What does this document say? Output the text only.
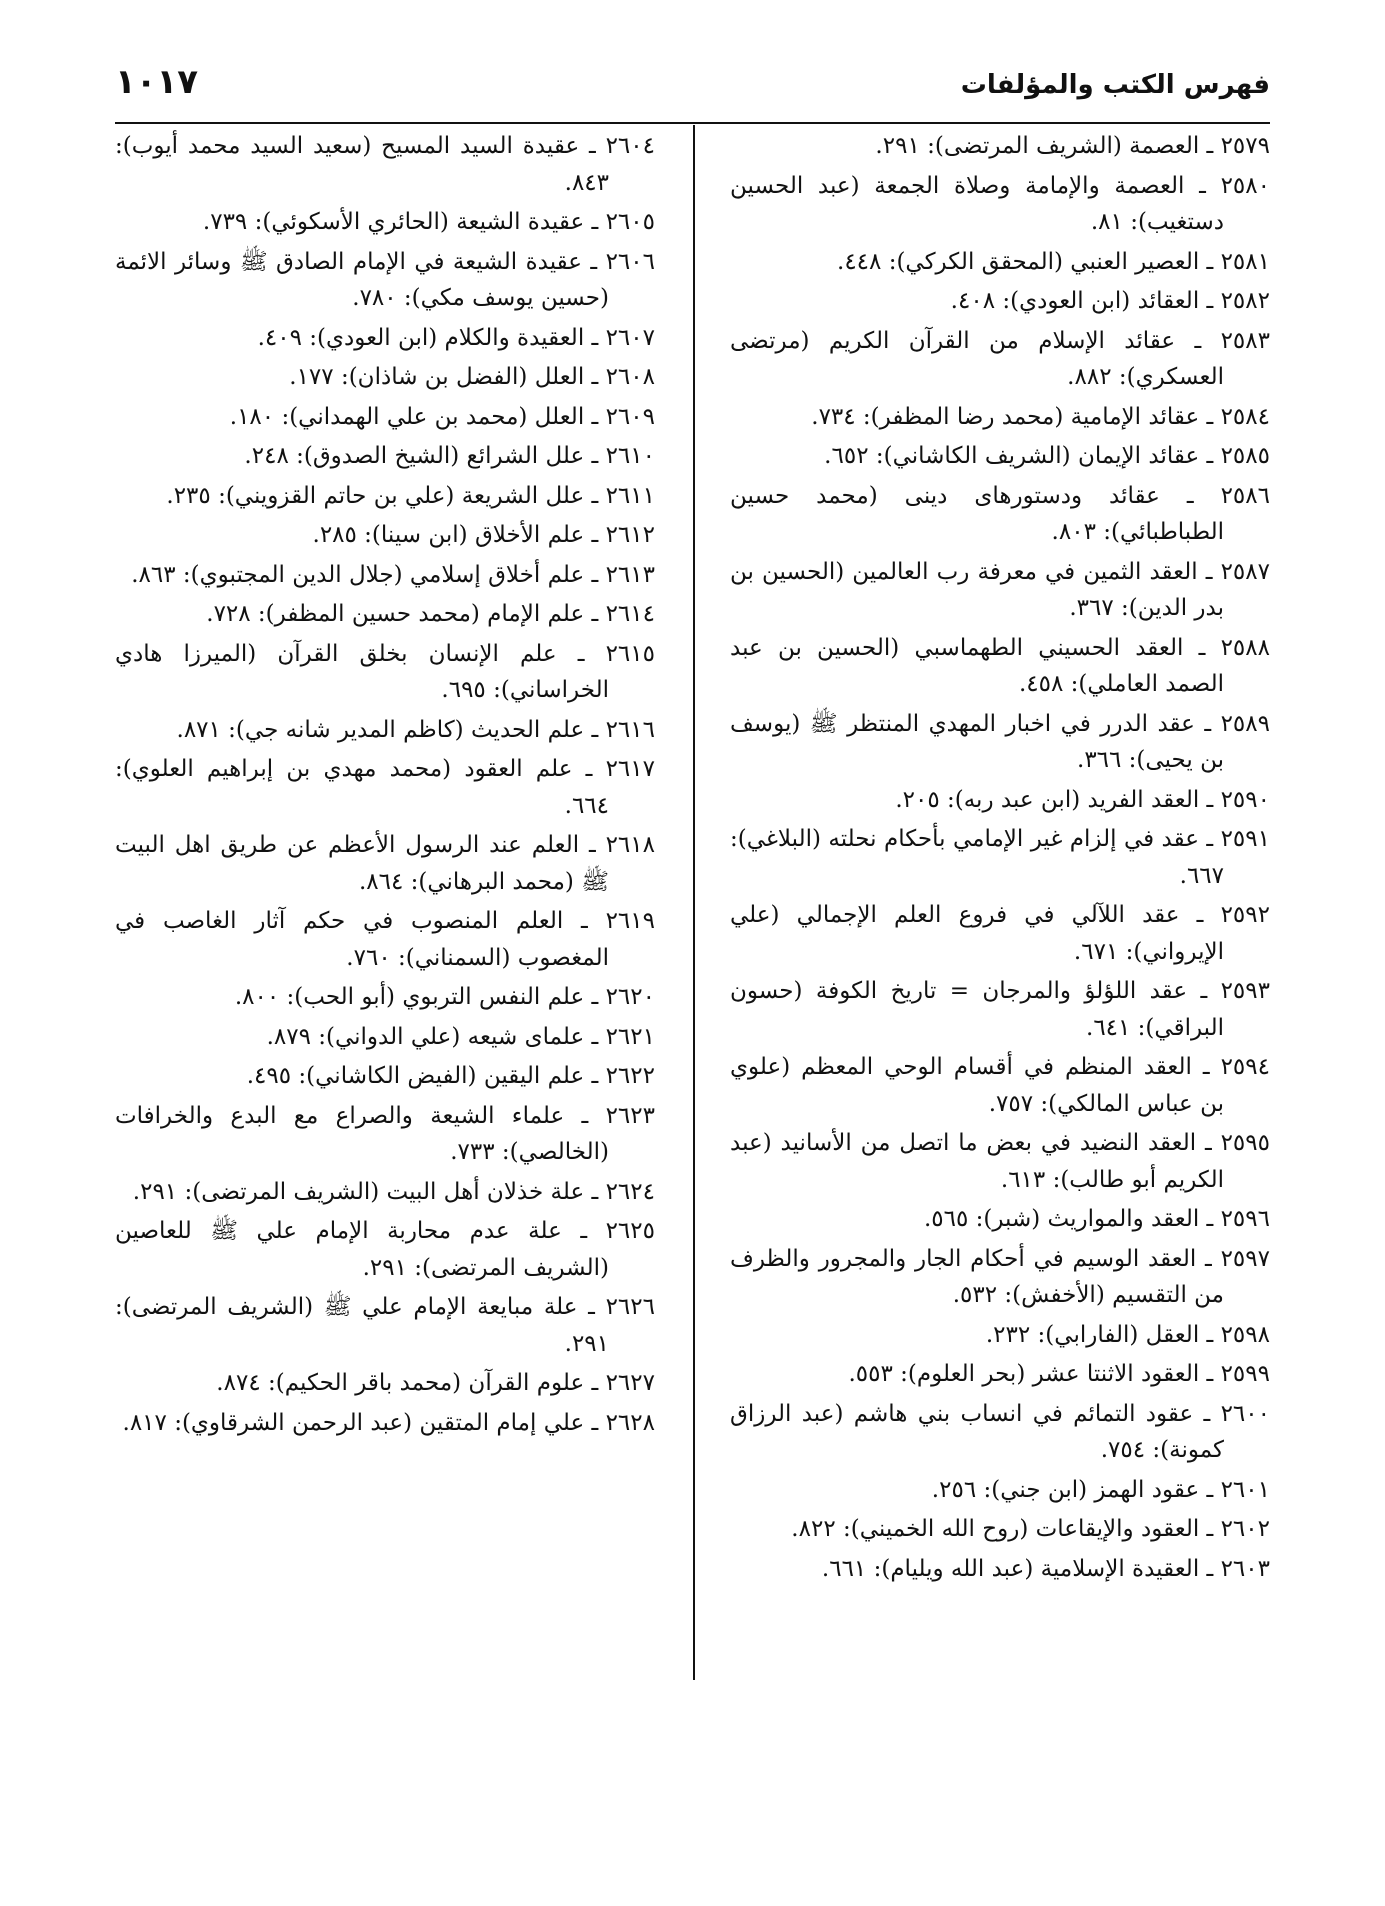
فهرس الكتب والمؤلفات
١٠١٧

٢٥٧٩ ـ العصمة (الشريف المرتضى): ٢٩١.

٢٥٨٠ ـ العصمة والإمامة وصلاة الجمعة (عبد الحسين دستغيب): ٨١.

٢٥٨١ ـ العصير العنبي (المحقق الكركي): ٤٤٨.

٢٥٨٢ ـ العقائد (ابن العودي): ٤٠٨.

٢٥٨٣ ـ عقائد الإسلام من القرآن الكريم (مرتضى العسكري): ٨٨٢.

٢٥٨٤ ـ عقائد الإمامية (محمد رضا المظفر): ٧٣٤.

٢٥٨٥ ـ عقائد الإيمان (الشريف الكاشاني): ٦٥٢.

٢٥٨٦ ـ عقائد ودستورهاى دينى (محمد حسين الطباطبائي): ٨٠٣.

٢٥٨٧ ـ العقد الثمين في معرفة رب العالمين (الحسين بن بدر الدين): ٣٦٧.

٢٥٨٨ ـ العقد الحسيني الطهماسبي (الحسين بن عبد الصمد العاملي): ٤٥٨.

٢٥٨٩ ـ عقد الدرر في اخبار المهدي المنتظر ﷺ (يوسف بن يحيى): ٣٦٦.

٢٥٩٠ ـ العقد الفريد (ابن عبد ربه): ٢٠٥.

٢٥٩١ ـ عقد في إلزام غير الإمامي بأحكام نحلته (البلاغي): ٦٦٧.

٢٥٩٢ ـ عقد اللآلي في فروع العلم الإجمالي (علي الإيرواني): ٦٧١.

٢٥٩٣ ـ عقد اللؤلؤ والمرجان = تاريخ الكوفة (حسون البراقي): ٦٤١.

٢٥٩٤ ـ العقد المنظم في أقسام الوحي المعظم (علوي بن عباس المالكي): ٧٥٧.

٢٥٩٥ ـ العقد النضيد في بعض ما اتصل من الأسانيد (عبد الكريم أبو طالب): ٦١٣.

٢٥٩٦ ـ العقد والمواريث (شبر): ٥٦٥.

٢٥٩٧ ـ العقد الوسيم في أحكام الجار والمجرور والظرف من التقسيم (الأخفش): ٥٣٢.

٢٥٩٨ ـ العقل (الفارابي): ٢٣٢.

٢٥٩٩ ـ العقود الاثنتا عشر (بحر العلوم): ٥٥٣.

٢٦٠٠ ـ عقود التمائم في انساب بني هاشم (عبد الرزاق كمونة): ٧٥٤.

٢٦٠١ ـ عقود الهمز (ابن جني): ٢٥٦.

٢٦٠٢ ـ العقود والإيقاعات (روح الله الخميني): ٨٢٢.

٢٦٠٣ ـ العقيدة الإسلامية (عبد الله ويليام): ٦٦١.

٢٦٠٤ ـ عقيدة السيد المسيح (سعيد السيد محمد أيوب): ٨٤٣.

٢٦٠٥ ـ عقيدة الشيعة (الحائري الأسكوئي): ٧٣٩.

٢٦٠٦ ـ عقيدة الشيعة في الإمام الصادق ﷺ وسائر الائمة (حسين يوسف مكي): ٧٨٠.

٢٦٠٧ ـ العقيدة والكلام (ابن العودي): ٤٠٩.

٢٦٠٨ ـ العلل (الفضل بن شاذان): ١٧٧.

٢٦٠٩ ـ العلل (محمد بن علي الهمداني): ١٨٠.

٢٦١٠ ـ علل الشرائع (الشيخ الصدوق): ٢٤٨.

٢٦١١ ـ علل الشريعة (علي بن حاتم القزويني): ٢٣٥.

٢٦١٢ ـ علم الأخلاق (ابن سينا): ٢٨٥.

٢٦١٣ ـ علم أخلاق إسلامي (جلال الدين المجتبوي): ٨٦٣.

٢٦١٤ ـ علم الإمام (محمد حسين المظفر): ٧٢٨.

٢٦١٥ ـ علم الإنسان بخلق القرآن (الميرزا هادي الخراساني): ٦٩٥.

٢٦١٦ ـ علم الحديث (كاظم المدير شانه جي): ٨٧١.

٢٦١٧ ـ علم العقود (محمد مهدي بن إبراهيم العلوي): ٦٦٤.

٢٦١٨ ـ العلم عند الرسول الأعظم عن طريق اهل البيت ﷺ (محمد البرهاني): ٨٦٤.

٢٦١٩ ـ العلم المنصوب في حكم آثار الغاصب في المغصوب (السمناني): ٧٦٠.

٢٦٢٠ ـ علم النفس التربوي (أبو الحب): ٨٠٠.

٢٦٢١ ـ علماى شيعه (علي الدواني): ٨٧٩.

٢٦٢٢ ـ علم اليقين (الفيض الكاشاني): ٤٩٥.

٢٦٢٣ ـ علماء الشيعة والصراع مع البدع والخرافات (الخالصي): ٧٣٣.

٢٦٢٤ ـ علة خذلان أهل البيت (الشريف المرتضى): ٢٩١.

٢٦٢٥ ـ علة عدم محاربة الإمام علي ﷺ للعاصين (الشريف المرتضى): ٢٩١.

٢٦٢٦ ـ علة مبايعة الإمام علي ﷺ (الشريف المرتضى): ٢٩١.

٢٦٢٧ ـ علوم القرآن (محمد باقر الحكيم): ٨٧٤.

٢٦٢٨ ـ علي إمام المتقين (عبد الرحمن الشرقاوي): ٨١٧.
